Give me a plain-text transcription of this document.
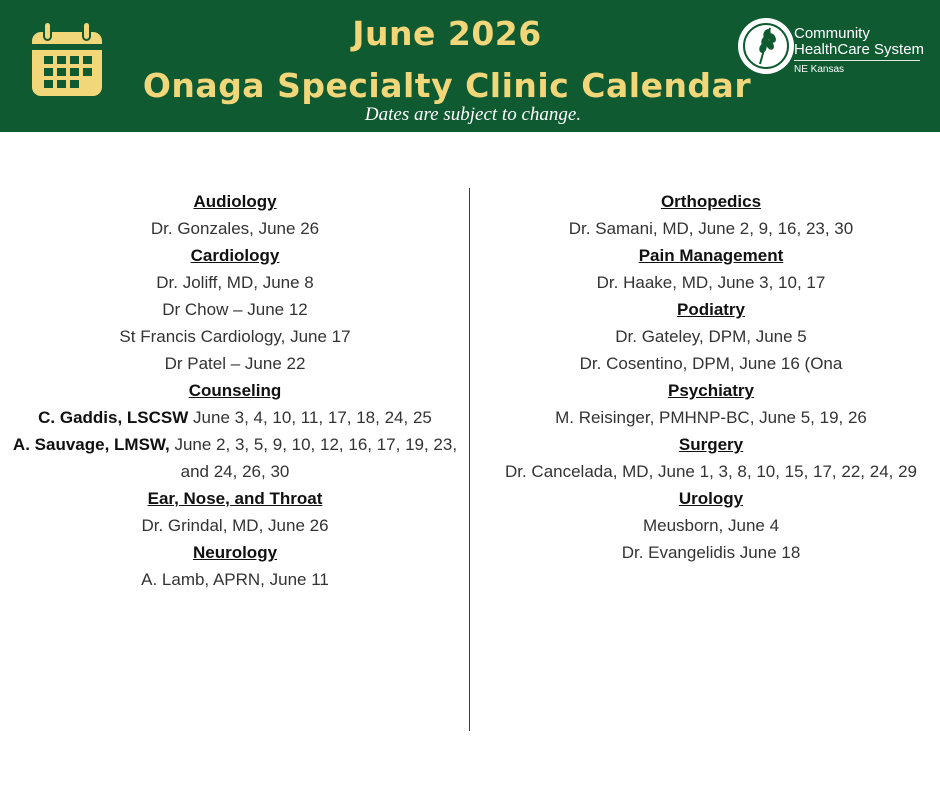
June 2026
Onaga Specialty Clinic Calendar
Dates are subject to change.
Community
HealthCare System
NE Kansas
Audiology
Dr. Gonzales, June 26
Cardiology
Dr. Joliff, MD, June 8
Dr Chow – June 12
St Francis Cardiology, June 17
Dr Patel – June 22
Counseling
C. Gaddis, LSCSW June 3, 4, 10, 11, 17, 18, 24, 25
A. Sauvage, LMSW, June 2, 3, 5, 9, 10, 12, 16, 17, 19, 23,
and 24, 26, 30
Ear, Nose, and Throat
Dr. Grindal, MD, June 26
Neurology
A. Lamb, APRN, June 11
Orthopedics
Dr. Samani, MD, June 2, 9, 16, 23, 30
Pain Management
Dr. Haake, MD, June 3, 10, 17
Podiatry
Dr. Gateley, DPM, June 5
Dr. Cosentino, DPM, June 16 (Ona
Psychiatry
M. Reisinger, PMHNP-BC, June 5, 19, 26
Surgery
Dr. Cancelada, MD, June 1, 3, 8, 10, 15, 17, 22, 24, 29
Urology
Meusborn, June 4
Dr. Evangelidis June 18
